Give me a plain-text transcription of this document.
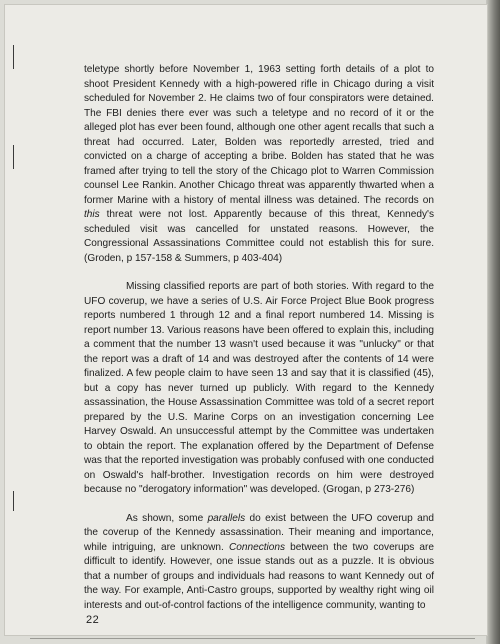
teletype shortly before November 1, 1963 setting forth details of a plot to shoot President Kennedy with a high-powered rifle in Chicago during a visit scheduled for November 2. He claims two of four conspirators were detained. The FBI denies there ever was such a teletype and no record of it or the alleged plot has ever been found, although one other agent recalls that such a threat had occurred. Later, Bolden was reportedly arrested, tried and convicted on a charge of accepting a bribe. Bolden has stated that he was framed after trying to tell the story of the Chicago plot to Warren Commission counsel Lee Rankin. Another Chicago threat was apparently thwarted when a former Marine with a history of mental illness was detained. The records on this threat were not lost. Apparently because of this threat, Kennedy's scheduled visit was cancelled for unstated reasons. However, the Congressional Assassinations Committee could not establish this for sure. (Groden, p 157-158 & Summers, p 403-404)

Missing classified reports are part of both stories. With regard to the UFO coverup, we have a series of U.S. Air Force Project Blue Book progress reports numbered 1 through 12 and a final report numbered 14. Missing is report number 13. Various reasons have been offered to explain this, including a comment that the number 13 wasn't used because it was "unlucky" or that the report was a draft of 14 and was destroyed after the contents of 14 were finalized. A few people claim to have seen 13 and say that it is classified (45), but a copy has never turned up publicly. With regard to the Kennedy assassination, the House Assassination Committee was told of a secret report prepared by the U.S. Marine Corps on an investigation concerning Lee Harvey Oswald. An unsuccessful attempt by the Committee was undertaken to obtain the report. The explanation offered by the Department of Defense was that the reported investigation was probably confused with one conducted on Oswald's half-brother. Investigation records on him were destroyed because no "derogatory information" was developed. (Grogan, p 273-276)

As shown, some parallels do exist between the UFO coverup and the coverup of the Kennedy assassination. Their meaning and importance, while intriguing, are unknown. Connections between the two coverups are difficult to identify. However, one issue stands out as a puzzle. It is obvious that a number of groups and individuals had reasons to want Kennedy out of the way. For example, Anti-Castro groups, supported by wealthy right wing oil interests and out-of-control factions of the intelligence community, wanting to

22
